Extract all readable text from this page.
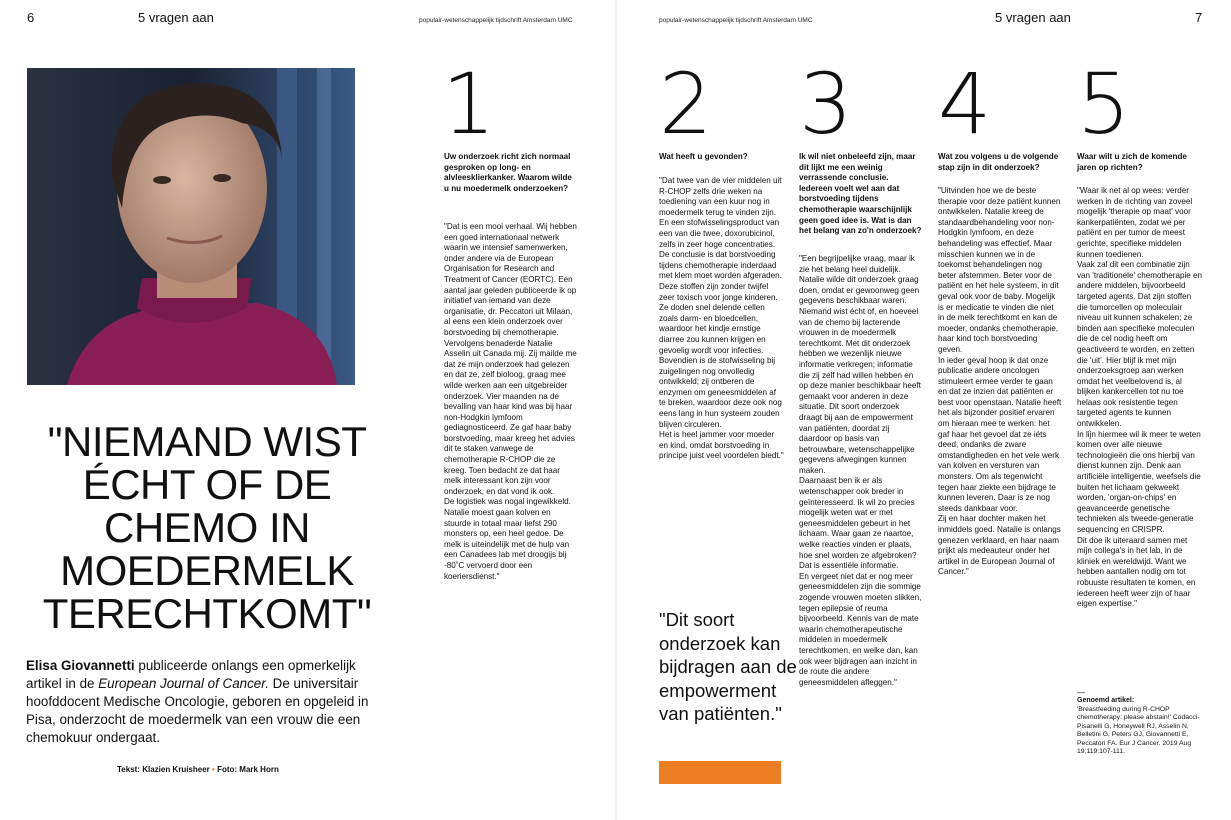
6	5 vragen aan	populair-wetenschappelijk tijdschrift Amsterdam UMC	populair-wetenschappelijk tijdschrift Amsterdam UMC	5 vragen aan	7
"NIEMAND WIST ÉCHT OF DE CHEMO IN MOEDERMELK TERECHTKOMT"
Elisa Giovannetti publiceerde onlangs een opmerkelijk artikel in de European Journal of Cancer. De universitair hoofddocent Medische Oncologie, geboren en opgeleid in Pisa, onderzocht de moedermelk van een vrouw die een chemokuur ondergaat.
Tekst: Klazien Kruisheer • Foto: Mark Horn
1
Uw onderzoek richt zich normaal gesproken op long- en alvleesklierkanker. Waarom wilde u nu moedermelk onderzoeken?
"Dat is een mooi verhaal. Wij hebben een goed internationaal netwerk waarin we intensief samenwerken, onder andere via de European Organisation for Research and Treatment of Cancer (EORTC). Een aantal jaar geleden publiceerde ik op initiatief van iemand van deze organisatie, dr. Peccatori uit Milaan, al eens een klein onderzoek over borstvoeding bij chemotherapie. Vervolgens benaderde Natalie Asselin uit Canada mij. Zij mailde me dat ze mijn onderzoek had gelezen en dat ze, zelf bioloog, graag mee wilde werken aan een uitgebreider onderzoek. Vier maanden na de bevalling van haar kind was bij haar non-Hodgkin lymfoom gediagnosticeerd. Ze gaf haar baby borstvoeding, maar kreeg het advies dit te staken vanwege de chemotherapie R-CHOP die ze kreeg. Toen bedacht ze dat haar melk interessant kon zijn voor onderzoek, en dat vond ik ook.
De logistiek was nogal ingewikkeld. Natalie moest gaan kolven en stuurde in totaal maar liefst 290 monsters op, een heel gedoe. De melk is uiteindelijk met de hulp van een Canadees lab met droogijs bij -80˚C vervoerd door een koeriersdienst."
2
Wat heeft u gevonden?
"Dat twee van de vier middelen uit R-CHOP zelfs drie weken na toediening van een kuur nog in moedermelk terug te vinden zijn. En een stofwisselingsproduct van een van die twee, doxorubicinol, zelfs in zeer hoge concentraties.
De conclusie is dat borstvoeding tijdens chemotherapie inderdaad met klem moet worden afgeraden. Deze stoffen zijn zonder twijfel zeer toxisch voor jonge kinderen. Ze doden snel delende cellen zoals darm- en bloedcellen, waardoor het kindje ernstige diarree zou kunnen krijgen en gevoelig wordt voor infecties. Bovendien is de stofwisseling bij zuigelingen nog onvolledig ontwikkeld; zij ontberen de enzymen om geneesmiddelen af te breken, waardoor deze ook nog eens lang in hun systeem zouden blijven circuleren.
Het is heel jammer voor moeder en kind, omdat borstvoeding in principe juist veel voordelen biedt."
3
Ik wil niet onbeleefd zijn, maar dit lijkt me een weinig verrassende conclusie. Iedereen voelt wel aan dat borstvoeding tijdens chemotherapie waarschijnlijk geen goed idee is. Wat is dan het belang van zo'n onderzoek?
"Een begrijpelijke vraag, maar ik zie het belang heel duidelijk. Natalie wilde dit onderzoek graag doen, omdat er gewoonweg geen gegevens beschikbaar waren. Niemand wist écht of, en hoeveel van de chemo bij lacterende vrouwen in de moedermelk terechtkomt. Met dit onderzoek hebben we wezenlijk nieuwe informatie verkregen; informatie die zij zelf had willen hebben en op deze manier beschikbaar heeft gemaakt voor anderen in deze situatie. Dit soort onderzoek draagt bij aan de empowerment van patiënten, doordat zij daardoor op basis van betrouwbare, wetenschappelijke gegevens afwegingen kunnen maken.
Daarnaast ben ik er als wetenschapper ook breder in geïnteresseerd. Ik wil zo precies mogelijk weten wat er met geneesmiddelen gebeurt in het lichaam. Waar gaan ze naartoe, welke reacties vinden er plaats, hoe snel worden ze afgebroken? Dat is essentiële informatie.
En vergeet niet dat er nog meer geneesmiddelen zijn die sommige zogende vrouwen moeten slikken, tegen epilepsie of reuma bijvoorbeeld. Kennis van de mate waarin chemotherapeutische middelen in moedermelk terechtkomen, en welke dan, kan ook weer bijdragen aan inzicht in de route die andere geneesmiddelen afleggen."
4
Wat zou volgens u de volgende stap zijn in dit onderzoek?
"Uitvinden hoe we de beste therapie voor deze patiënt kunnen ontwikkelen. Natalie kreeg de standaardbehandeling voor non-Hodgkin lymfoom, en deze behandeling was effectief. Maar misschien kunnen we in de toekomst behandelingen nog beter afstemmen. Beter voor de patiënt en het hele systeem, in dit geval ook voor de baby. Mogelijk is er medicatie te vinden die niet in de melk terechtkomt en kan de moeder, ondanks chemotherapie, haar kind toch borstvoeding geven.
In ieder geval hoop ik dat onze publicatie andere oncologen stimuleert ermee verder te gaan en dat ze inzien dat patiënten er best voor openstaan. Natalie heeft het als bijzonder positief ervaren om hieraan mee te werken: het gaf haar het gevoel dat ze iéts deed, ondanks de zware omstandigheden en het vele werk van kolven en versturen van monsters. Om als tegenwicht tegen haar ziekte een bijdrage te kunnen leveren. Daar is ze nog steeds dankbaar voor.
Zij en haar dochter maken het inmiddels goed. Natalie is onlangs genezen verklaard, en haar naam prijkt als medeauteur onder het artikel in de European Journal of Cancer."
5
Waar wilt u zich de komende jaren op richten?
"Waar ik net al op wees: verder werken in de richting van zoveel mogelijk 'therapie op maat' voor kankerpatiënten, zodat we per patiënt en per tumor de meest gerichte, specifieke middelen kunnen toedienen.
Vaak zal dit een combinatie zijn van 'traditionele' chemotherapie en andere middelen, bijvoorbeeld targeted agents. Dat zijn stoffen die tumorcellen op moleculair niveau uit kunnen schakelen; ze binden aan specifieke moleculen die de cel nodig heeft om geactiveerd te worden, en zetten die 'uit'. Hier blijf ik met mijn onderzoeksgroep aan werken omdat het veelbelovend is, al blijken kankercellen tot nu toe helaas ook resistentie tegen targeted agents te kunnen ontwikkelen.
In lijn hiermee wil ik meer te weten komen over alle nieuwe technologieën die ons hierbij van dienst kunnen zijn. Denk aan artificiële intelligentie, weefsels die buiten het lichaam gekweekt worden, 'organ-on-chips' en geavanceerde genetische technieken als tweede-generatie sequencing en CRISPR.
Dit doe ik uiteraard samen met mijn collega's in het lab, in de kliniek en wereldwijd. Want we hebben aantallen nodig om tot robuuste resultaten te komen, en iedereen heeft weer zijn of haar eigen expertise."
"Dit soort onderzoek kan bijdragen aan de empowerment van patiënten."
—
Genoemd artikel:
'Breastfeeding during R-CHOP chemotherapy: please abstain!' Codacci-Pisanelli G, Honeywell RJ, Asselin N, Belletini G, Peters GJ, Giovannetti E, Peccatori FA. Eur J Cancer. 2019 Aug 19;119:107-111.
